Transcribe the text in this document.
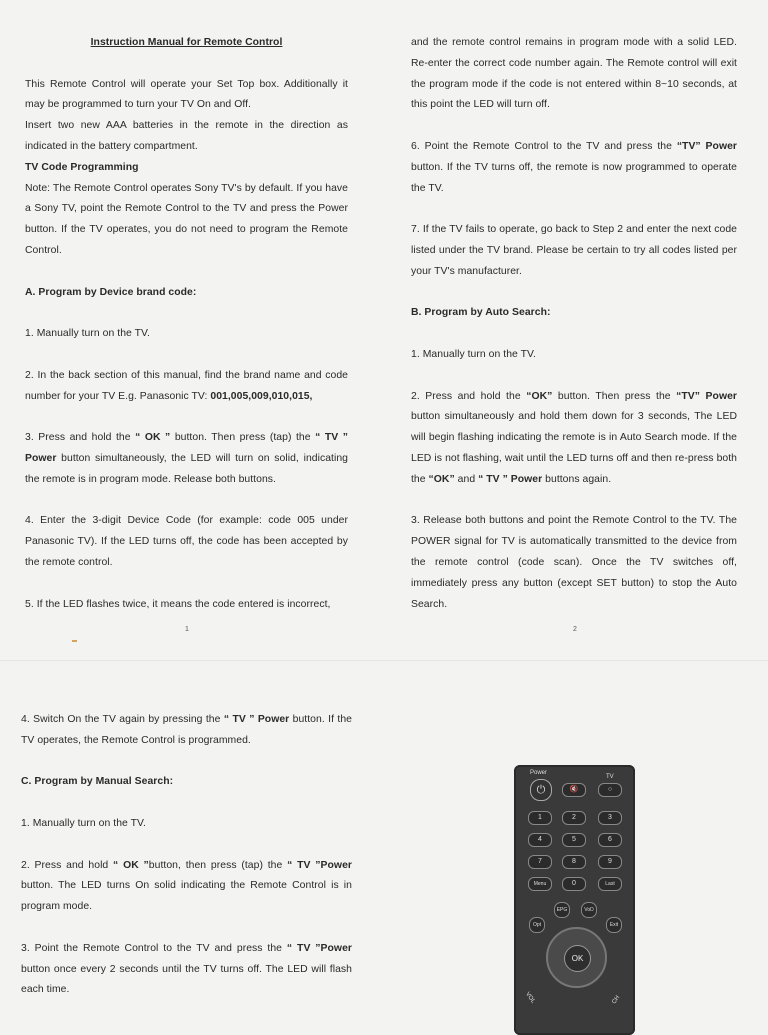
Instruction Manual for Remote Control

This Remote Control will operate your Set Top box. Additionally it may be programmed to turn your TV On and Off.

Insert two new AAA batteries in the remote in the direction as indicated in the battery compartment.

TV Code Programming

Note: The Remote Control operates Sony TV's by default. If you have a Sony TV, point the Remote Control to the TV and press the Power button. If the TV operates, you do not need to program the Remote Control.

A. Program by Device brand code:

1. Manually turn on the TV.

2. In the back section of this manual, find the brand name and code number for your TV E.g. Panasonic TV: 001,005,009,010,015,

3. Press and hold the “ OK ” button. Then press (tap) the “ TV ” Power button simultaneously, the LED will turn on solid, indicating the remote is in program mode. Release both buttons.

4. Enter the 3-digit Device Code (for example: code 005 under Panasonic TV). If the LED turns off, the code has been accepted by the remote control.

5. If the LED flashes twice, it means the code entered is incorrect,

1

and the remote control remains in program mode with a solid LED. Re-enter the correct code number again. The Remote control will exit the program mode if the code is not entered within 8~10 seconds, at this point the LED will turn off.

6. Point the Remote Control to the TV and press the “TV” Power button. If the TV turns off, the remote is now programmed to operate the TV.

7. If the TV fails to operate, go back to Step 2 and enter the next code listed under the TV brand. Please be certain to try all codes listed per your TV's manufacturer.

B. Program by Auto Search:

1. Manually turn on the TV.

2. Press and hold the “OK” button. Then press the “TV” Power button simultaneously and hold them down for 3 seconds, The LED will begin flashing indicating the remote is in Auto Search mode. If the LED is not flashing, wait until the LED turns off and then re-press both the “OK” and “ TV ” Power buttons again.

3. Release both buttons and point the Remote Control to the TV. The POWER signal for TV is automatically transmitted to the device from the remote control (code scan). Once the TV switches off, immediately press any button (except SET button) to stop the Auto Search.

2

4. Switch On the TV again by pressing the “ TV ” Power button. If the TV operates, the Remote Control is programmed.

C. Program by Manual Search:

1. Manually turn on the TV.

2. Press and hold “ OK ”button, then press (tap) the “ TV ”Power button. The LED turns On solid indicating the Remote Control is in program mode.

3. Point the Remote Control to the TV and press the “ TV ”Power button once every 2 seconds until the TV turns off. The LED will flash each time.

Power
TV
⏻	🔇	○
1	2	3
4	5	6
7	8	9
Menu	0	Last
EPG	VoD
Opt	Exit
OK
VOL	CH
